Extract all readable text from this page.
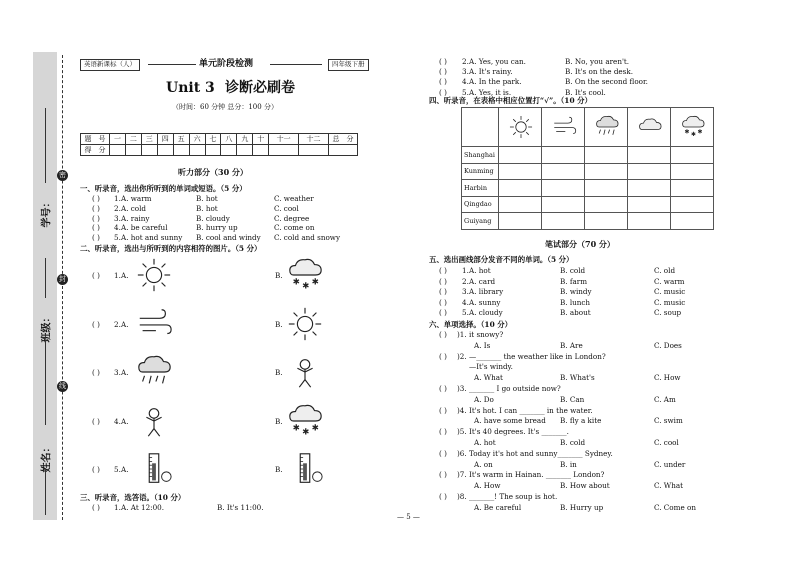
学号：
班级：
姓名：
密
封
线
英语新课标（人）	单元阶段检测	四年级下册
Unit 3 诊断必刷卷
（时间：60 分钟 总分：100 分）
题　号	一	二	三	四	五	六	七	八	九	十	十一	十二	总　分
得　分													
听力部分（30 分）
一、听录音，选出你所听到的单词或短语。（5 分）
( ) 1. A. warm	B. hot	C. weather
( ) 2. A. cold	B. hot	C. cool
( ) 3. A. rainy	B. cloudy	C. degree
( ) 4. A. be careful	B. hurry up	C. come on
( ) 5. A. hot and sunny B. cool and windy C. cold and snowy
二、听录音，选出与所听到的内容相符的图片。（5 分）
( ) 1. A.	B.
( ) 2. A.	B.
( ) 3. A.	B.
( ) 4. A.	B.
( ) 5. A.	B.
三、听录音，选答语。（10 分）
( ) 1. A. At 12:00.	B. It's 11:00.
( ) 2. A. Yes, you can.	B. No, you aren't.
( ) 3. A. It's rainy.	B. It's on the desk.
( ) 4. A. In the park.	B. On the second floor.
( ) 5. A. Yes, it is.	B. It's cool.
四、听录音，在表格中相应位置打“√”。（10 分）

Shanghai					
Kunming					
Harbin					
Qingdao					
Guiyang					
笔试部分（70 分）
五、选出画线部分发音不同的单词。（5 分）
( ) 1. A. hot	B. cold	C. old
( ) 2. A. card	B. farm	C. warm
( ) 3. A. library	B. windy	C. music
( ) 4. A. sunny	B. lunch	C. music
( ) 5. A. cloudy	B. about	C. soup
六、单项选择。（10 分）
( ) )1. it snowy?
A. Is	B. Are	C. Does
( ) )2. —_______ the weather like in London?
—It's windy.
A. What	B. What's	C. How
( ) )3. _______ I go outside now?
A. Do	B. Can	C. Am
( ) )4. It's hot. I can _______ in the water.
A. have some bread B. fly a kite	C. swim
( ) )5. It's 40 degrees. It's _______.
A. hot	B. cold	C. cool
( ) )6. Today it's hot and sunny_______ Sydney.
A. on	B. in	C. under
( ) )7. It's warm in Hainan. _______ London?
A. How	B. How about	C. What
( ) )8. _______! The soup is hot.
A. Be careful	B. Hurry up	C. Come on
— 5 —
